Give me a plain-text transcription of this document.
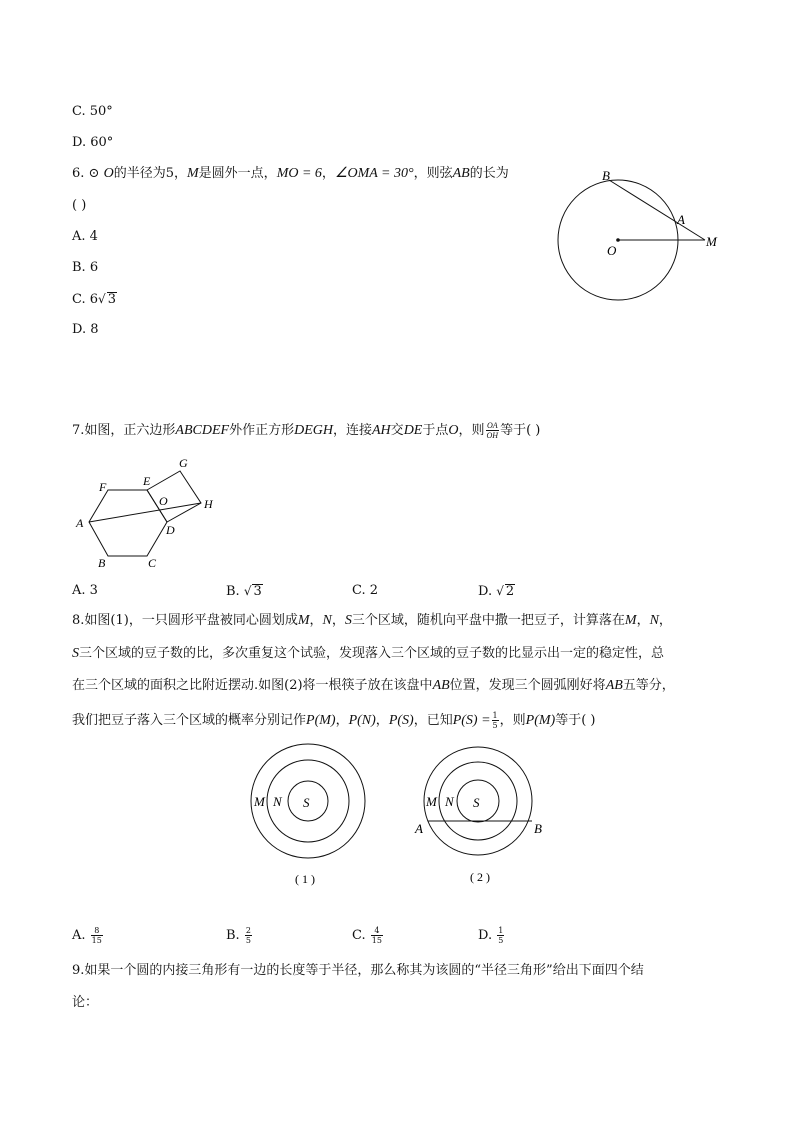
C. 50°
D. 60°
6. ⊙ O的半径为5，M是圆外一点，MO = 6，∠OMA = 30°，则弦AB的长为
( )
A. 4
B. 6
C. 6√ 3
D. 8
B
A
O
M
7.如图，正六边形ABCDEF外作正方形DEGH，连接AH交DE于点O，则 $\frac{OA}{OH}$ 等于( )
A
B	C
D
E
F
G
H
O
A. 3	B. √ 3	C. 2	D. √ 2
8.如图(1)，一只圆形平盘被同心圆划成M，N，S三个区域，随机向平盘中撒一把豆子，计算落在M，N，
S三个区域的豆子数的比，多次重复这个试验，发现落入三个区域的豆子数的比显示出一定的稳定性，总
在三个区域的面积之比附近摆动.如图(2)将一根筷子放在该盘中AB位置，发现三个圆弧刚好将AB五等分，
我们把豆子落入三个区域的概率分别记作P(M)，P(N)，P(S)，已知$P(S) = \frac{1}{5}$ ，则P(M)等于( )
M N S
( 1 )
M N S
A	B
( 2 )
A. $\frac{8}{15}$	B. $\frac{2}{5}$	C. $\frac{4}{15}$	D. $\frac{1}{5}$
9.如果一个圆的内接三角形有一边的长度等于半径，那么称其为该圆的“半径三角形”给出下面四个结
论：
